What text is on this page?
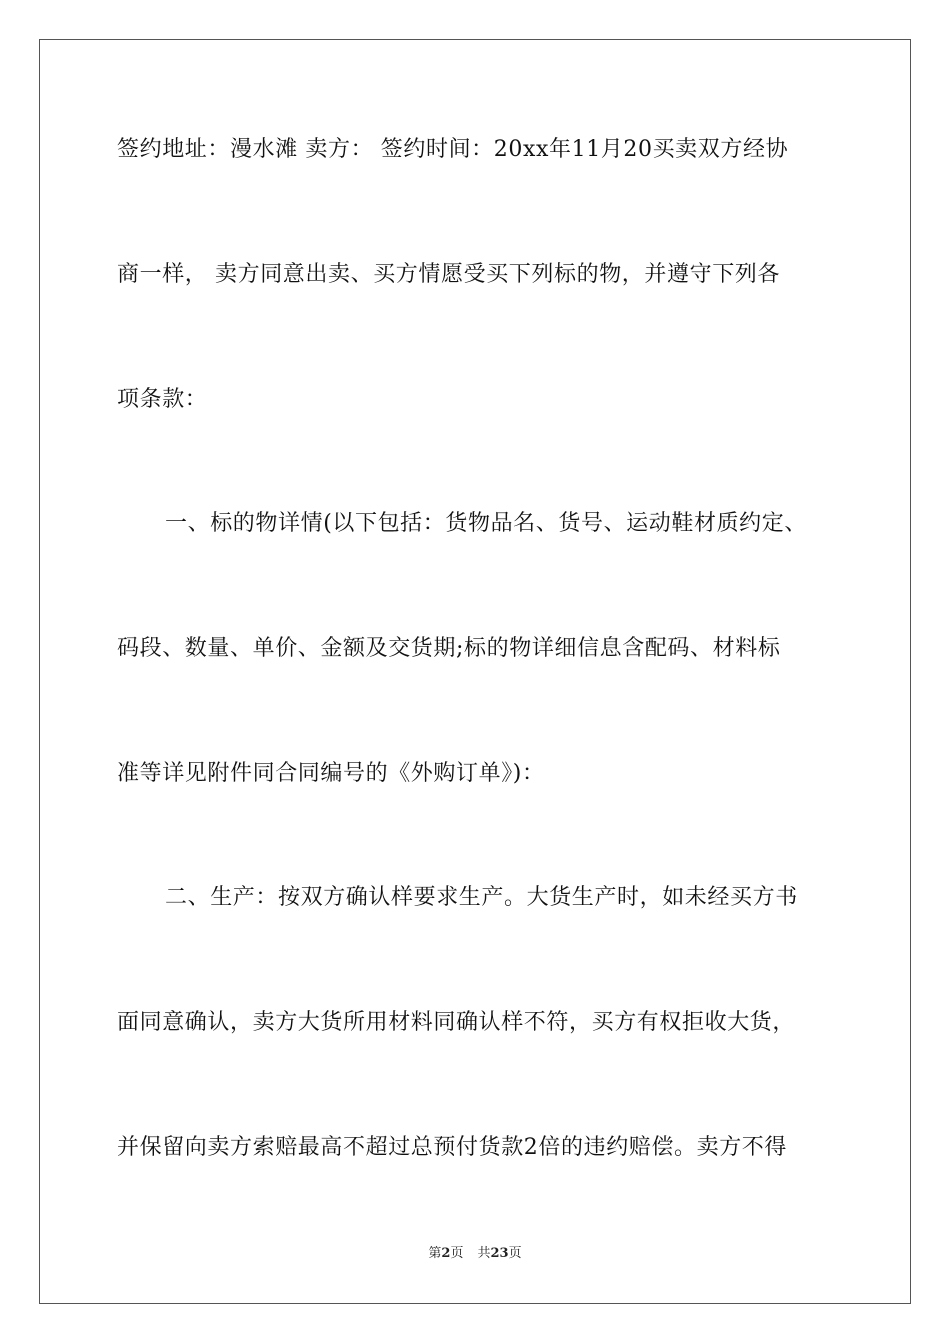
签约地址：漫水滩 卖方： 签约时间：20xx年11月20买卖双方经协
商一样， 卖方同意出卖、买方情愿受买下列标的物，并遵守下列各
项条款：
一、标的物详情(以下包括：货物品名、货号、运动鞋材质约定、
码段、数量、单价、金额及交货期;标的物详细信息含配码、材料标
准等详见附件同合同编号的《外购订单》)：
二、生产：按双方确认样要求生产。大货生产时，如未经买方书
面同意确认，卖方大货所用材料同确认样不符，买方有权拒收大货，
并保留向卖方索赔最高不超过总预付货款2倍的违约赔偿。卖方不得
第2页 共23页
